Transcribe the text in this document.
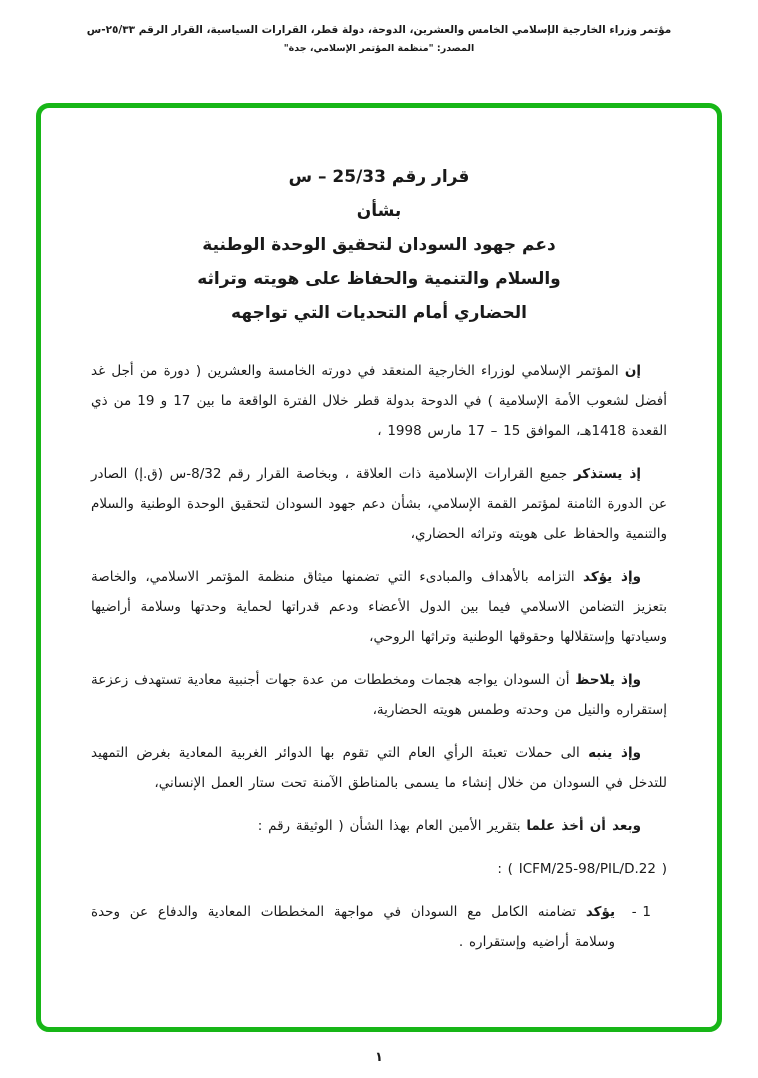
مؤتمر وزراء الخارجية الإسلامي الخامس والعشرين، الدوحة، دولة قطر، القرارات السياسية، القرار الرقم ٢٥/٣٣-س
المصدر: "منظمة المؤتمر الإسلامي، جدة"
قرار رقم 25/33 – س
بشأن
دعم جهود السودان لتحقيق الوحدة الوطنية
والسلام والتنمية والحفاظ على هويته وتراثه
الحضاري أمام التحديات التي تواجهه

إن المؤتمر الإسلامي لوزراء الخارجية المنعقد في دورته الخامسة والعشرين ( دورة من أجل غد أفضل لشعوب الأمة الإسلامية ) في الدوحة بدولة قطر خلال الفترة الواقعة ما بين 17 و 19 من ذي القعدة 1418هـ، الموافق 15 – 17 مارس 1998 ،

إذ يستذكر جميع القرارات الإسلامية ذات العلاقة ، وبخاصة القرار رقم 8/32-س (ق.إ) الصادر عن الدورة الثامنة لمؤتمر القمة الإسلامي، بشأن دعم جهود السودان لتحقيق الوحدة الوطنية والسلام والتنمية والحفاظ على هويته وتراثه الحضاري،

وإذ يؤكد التزامه بالأهداف والمبادىء التي تضمنها ميثاق منظمة المؤتمر الاسلامي، والخاصة بتعزيز التضامن الاسلامي فيما بين الدول الأعضاء ودعم قدراتها لحماية وحدتها وسلامة أراضيها وسيادتها وإستقلالها وحقوقها الوطنية وتراثها الروحي،

وإذ يلاحظ أن السودان يواجه هجمات ومخططات من عدة جهات أجنبية معادية تستهدف زعزعة إستقراره والنيل من وحدته وطمس هويته الحضارية،

وإذ ينبه الى حملات تعبئة الرأي العام التي تقوم بها الدوائر الغربية المعادية بغرض التمهيد للتدخل في السودان من خلال إنشاء ما يسمى بالمناطق الآمنة تحت ستار العمل الإنساني،

وبعد أن أخذ علما بتقرير الأمين العام بهذا الشأن ( الوثيقة رقم :

( ICFM/25-98/PIL/D.22 ) :
1 -
يؤكد تضامنه الكامل مع السودان في مواجهة المخططات المعادية والدفاع عن وحدة وسلامة أراضيه وإستقراره .
١
